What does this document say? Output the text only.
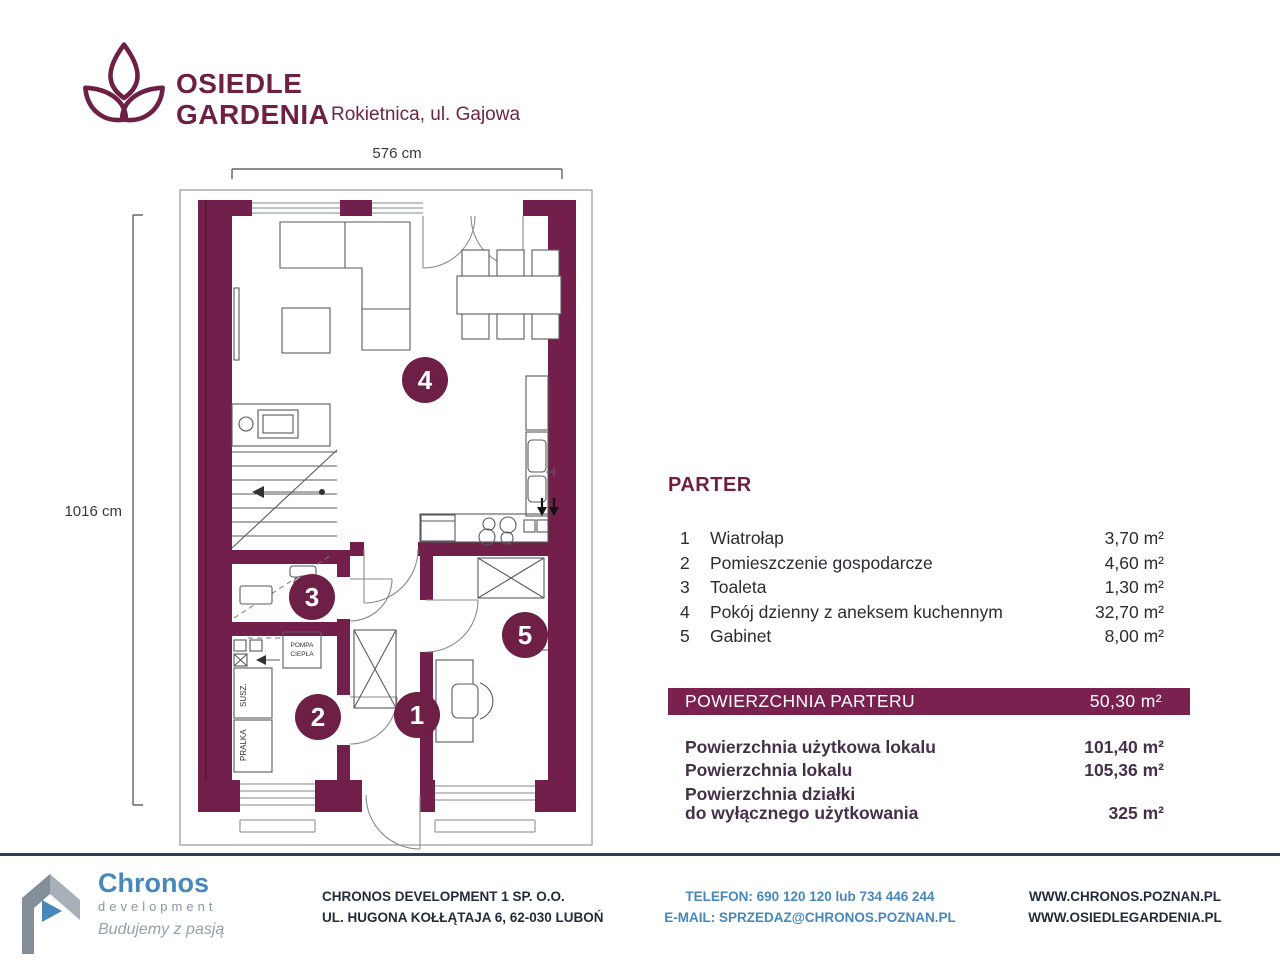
OSIEDLE
GARDENIA Rokietnica, ul. Gajowa
576 cm
1016 cm
SUSZ.
PRALKA
POMPA
CIEPŁA
4
3
2	1
5
PARTER
1	Wiatrołap	3,70 m²
2	Pomieszczenie gospodarcze	4,60 m²
3	Toaleta	1,30 m²
4	Pokój dzienny z aneksem kuchennym	32,70 m²
5	Gabinet	8,00 m²
POWIERZCHNIA PARTERU	50,30 m²
Powierzchnia użytkowa lokalu	101,40 m²
Powierzchnia lokalu	105,36 m²
Powierzchnia działki
do wyłącznego użytkowania	325 m²
Chronos
development
Budujemy z pasją
CHRONOS DEVELOPMENT 1 SP. O.O.
UL. HUGONA KOŁŁĄTAJA 6, 62-030 LUBOŃ
TELEFON: 690 120 120 lub 734 446 244
E-MAIL: SPRZEDAZ@CHRONOS.POZNAN.PL
WWW.CHRONOS.POZNAN.PL
WWW.OSIEDLEGARDENIA.PL
